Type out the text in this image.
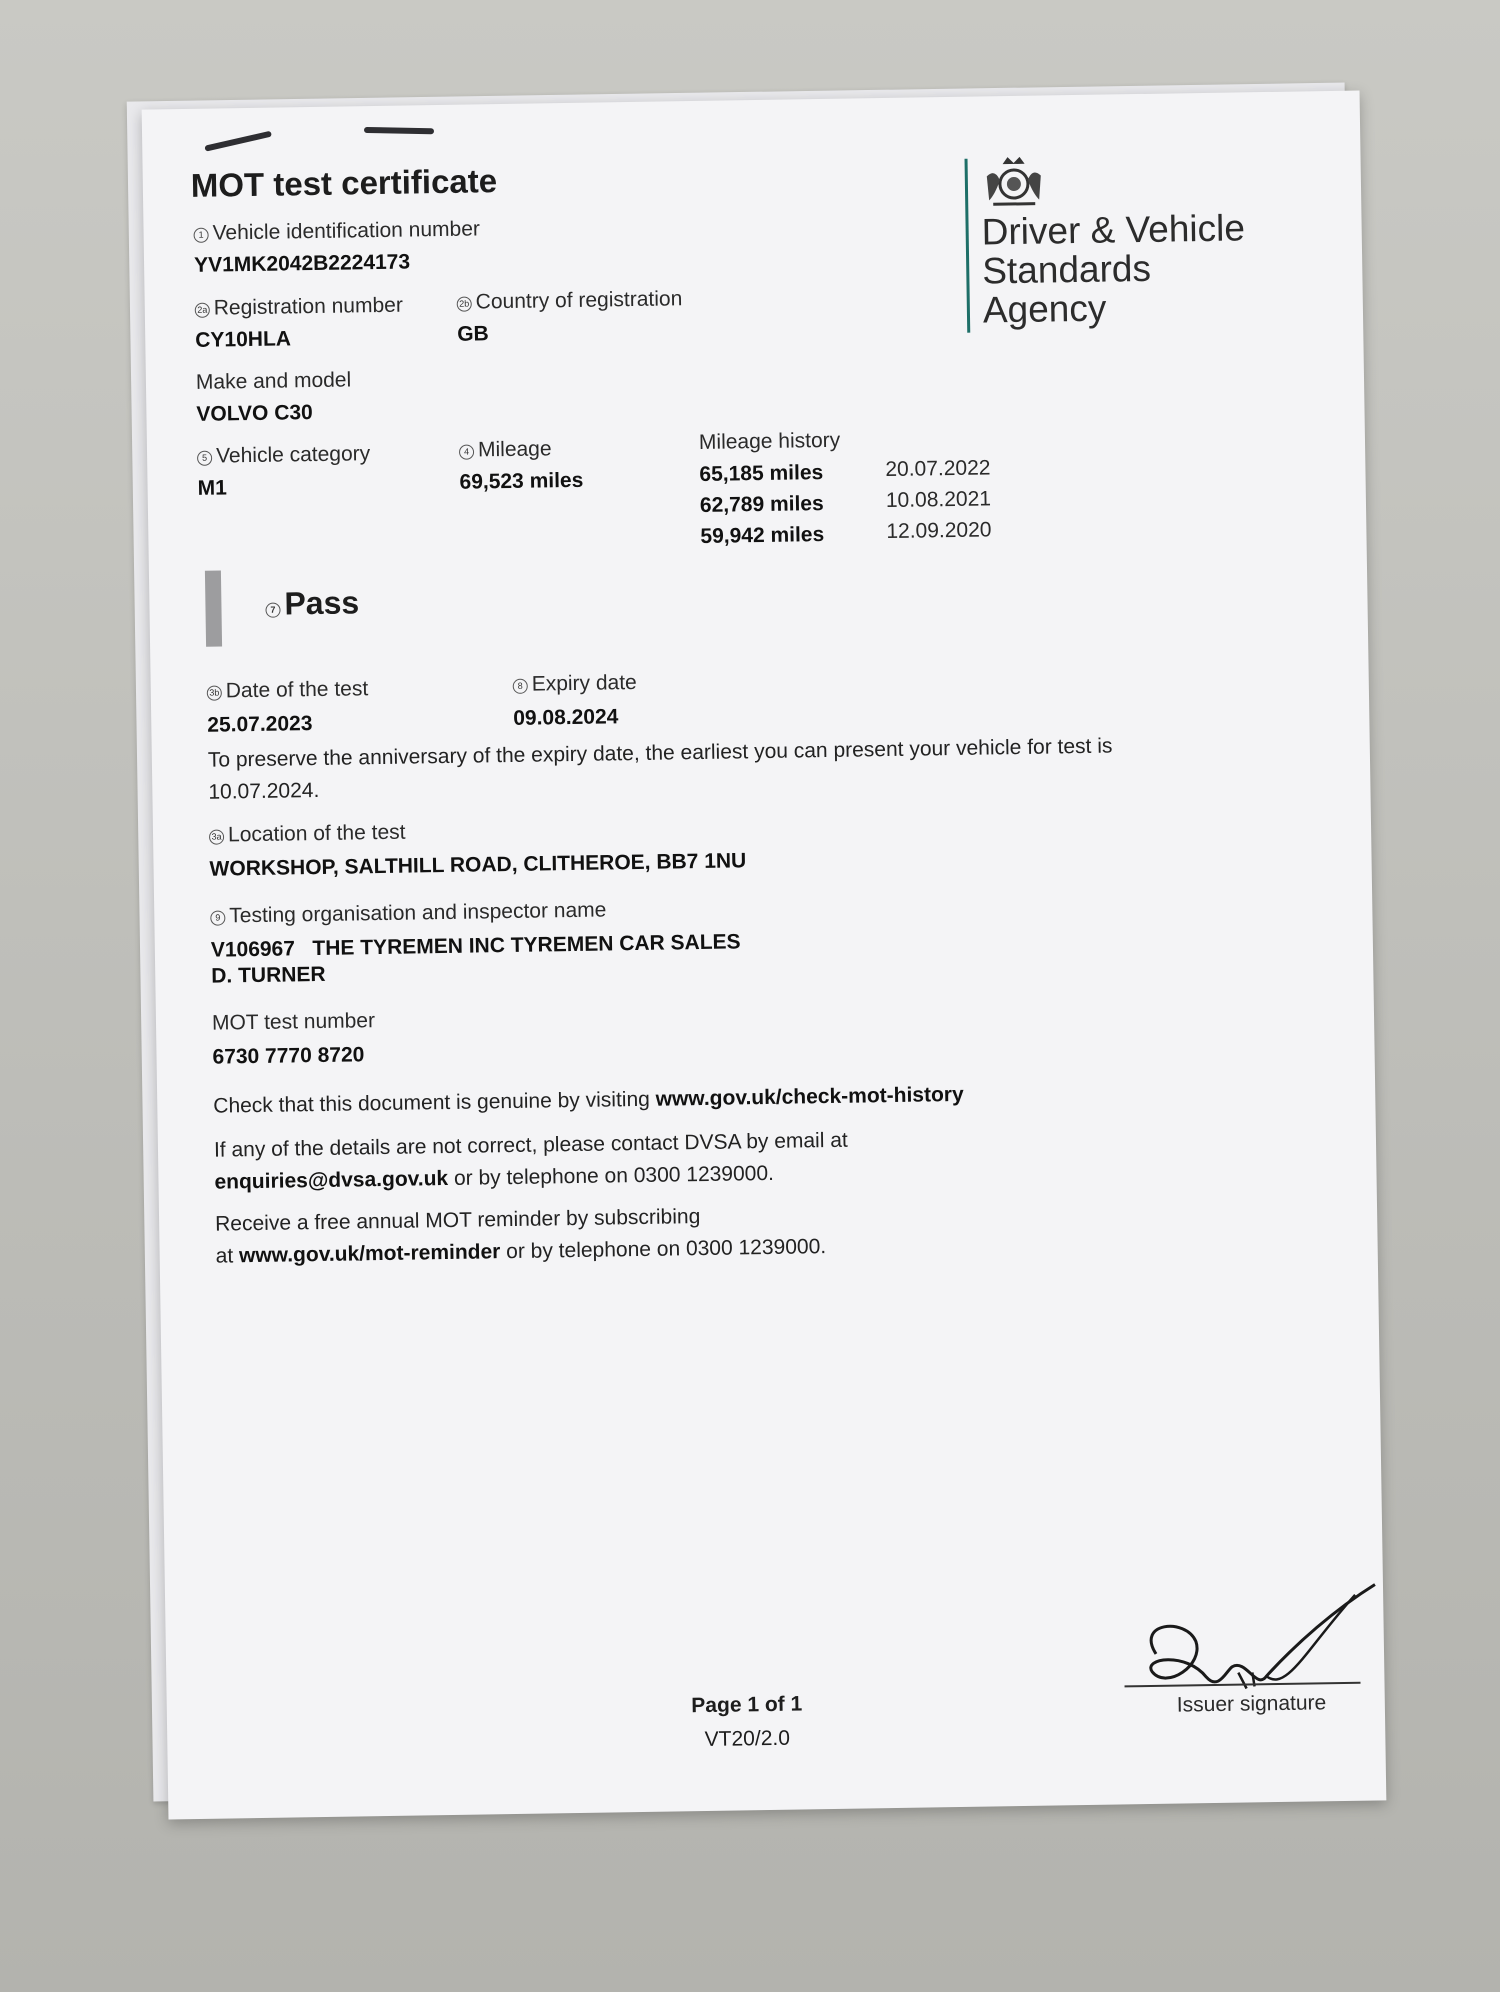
MOT test certificate
Driver & Vehicle
Standards
Agency
1 Vehicle identification number
YV1MK2042B2224173
2a Registration number
CY10HLA
2b Country of registration
GB
Make and model
VOLVO C30
5 Vehicle category
M1
4 Mileage
69,523 miles
Mileage history
65,185 miles	20.07.2022
62,789 miles	10.08.2021
59,942 miles	12.09.2020
7 Pass
3b Date of the test
25.07.2023
8 Expiry date
09.08.2024
To preserve the anniversary of the expiry date, the earliest you can present your vehicle for test is
10.07.2024.
3a Location of the test
WORKSHOP, SALTHILL ROAD, CLITHEROE, BB7 1NU
9 Testing organisation and inspector name
V106967   THE TYREMEN INC TYREMEN CAR SALES
D. TURNER
MOT test number
6730 7770 8720
Check that this document is genuine by visiting www.gov.uk/check-mot-history
If any of the details are not correct, please contact DVSA by email at
enquiries@dvsa.gov.uk or by telephone on 0300 1239000.
Receive a free annual MOT reminder by subscribing
at www.gov.uk/mot-reminder or by telephone on 0300 1239000.
Page 1 of 1
VT20/2.0
Issuer signature
